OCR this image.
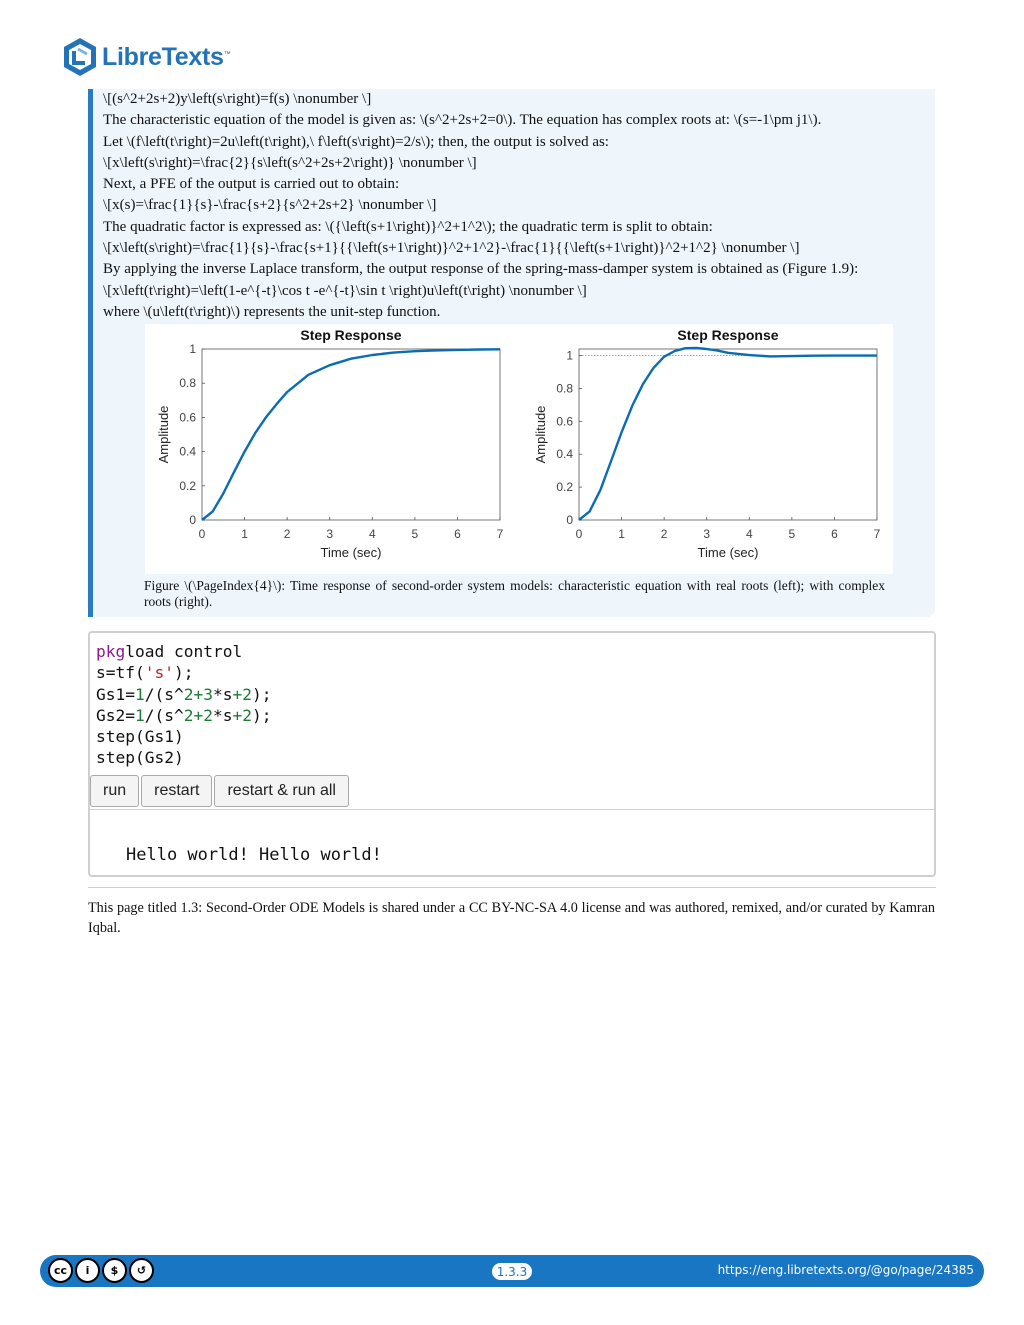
LibreTexts™
\[(s^2+2s+2)y\left(s\right)=f(s) \nonumber \]
The characteristic equation of the model is given as: \(s^2+2s+2=0\). The equation has complex roots at: \(s=-1\pm j1\).
Let \(f\left(t\right)=2u\left(t\right),\ f\left(s\right)=2/s\); then, the output is solved as:
\[x\left(s\right)=\frac{2}{s\left(s^2+2s+2\right)} \nonumber \]
Next, a PFE of the output is carried out to obtain:
\[x(s)=\frac{1}{s}-\frac{s+2}{s^2+2s+2} \nonumber \]
The quadratic factor is expressed as: \({\left(s+1\right)}^2+1^2\); the quadratic term is split to obtain:
\[x\left(s\right)=\frac{1}{s}-\frac{s+1}{{\left(s+1\right)}^2+1^2}-\frac{1}{{\left(s+1\right)}^2+1^2} \nonumber \]
By applying the inverse Laplace transform, the output response of the spring-mass-damper system is obtained as (Figure 1.9):
\[x\left(t\right)=\left(1-e^{-t}\cos t -e^{-t}\sin t \right)u\left(t\right) \nonumber \]
where \(u\left(t\right)\) represents the unit-step function.
Step Response
0	1	2	3	4	5	6	7
0
0.2
0.4
0.6
0.8
1
Time (sec)
Amplitude
Step Response
0	1	2	3	4	5	6	7
0
0.2
0.4
0.6
0.8
1
Time (sec)
Amplitude
Figure \(\PageIndex{4}\): Time response of second-order system models: characteristic equation with real roots (left); with complex roots (right).
pkgload control
s=tf('s');
Gs1=1/(s^2+3*s+2);
Gs2=1/(s^2+2*s+2);
step(Gs1)
step(Gs2)
run	restart	restart & run all
Hello world! Hello world!
This page titled 1.3: Second-Order ODE Models is shared under a CC BY-NC-SA 4.0 license and was authored, remixed, and/or curated by Kamran Iqbal.
cc	i	$	↺	1.3.3	https://eng.libretexts.org/@go/page/24385
